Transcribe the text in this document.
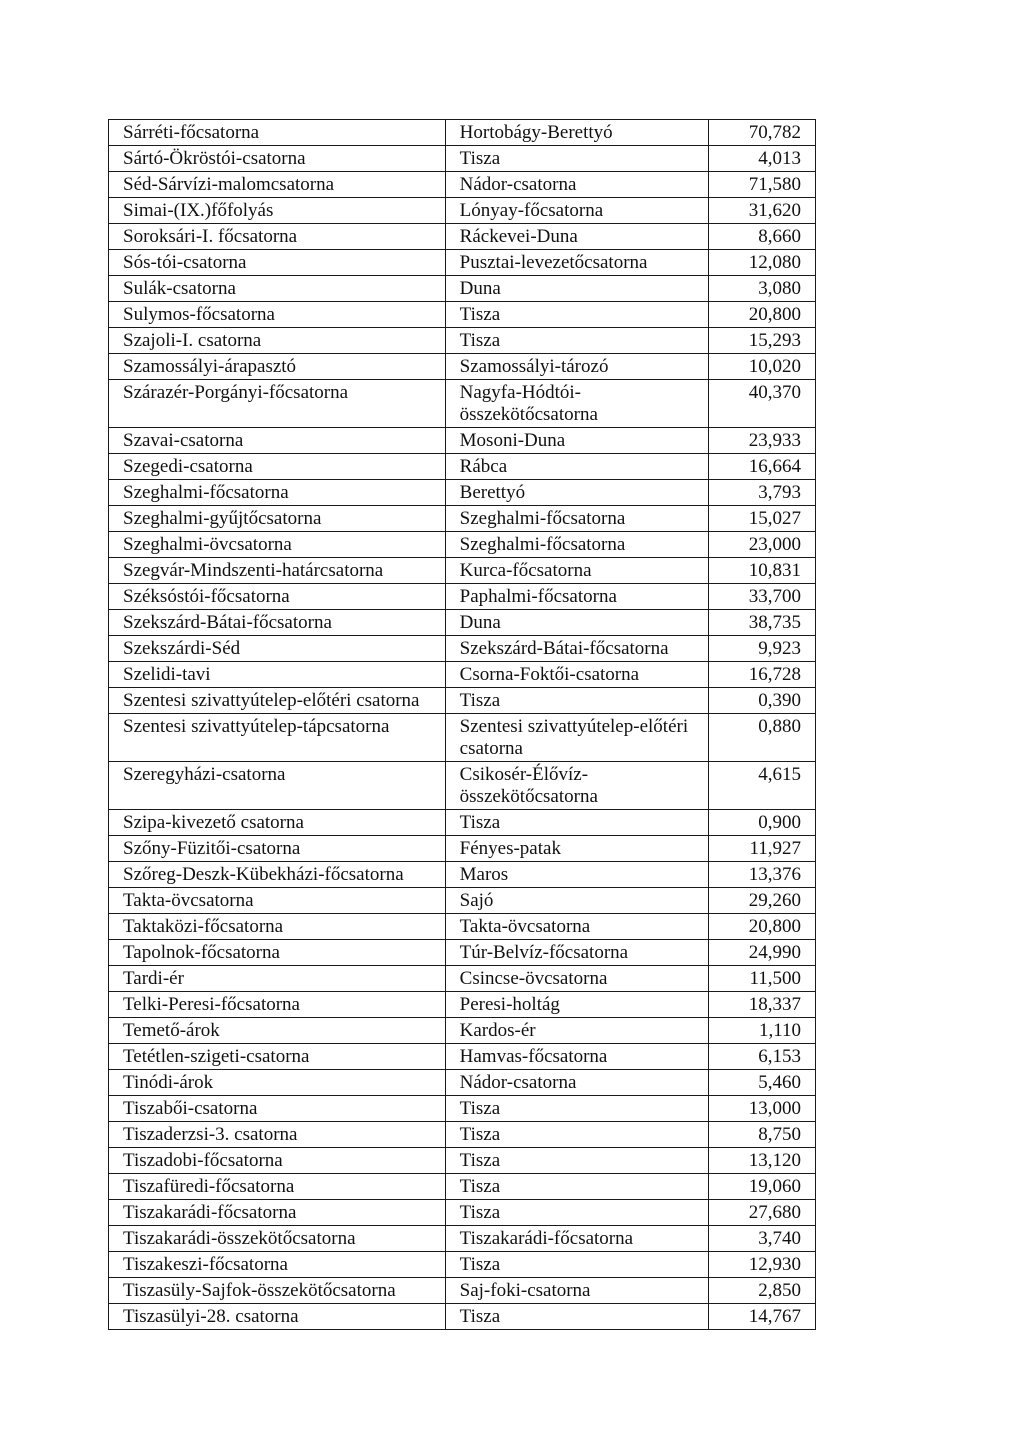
Sárréti-főcsatorna	Hortobágy-Berettyó	70,782
Sártó-Ökröstói-csatorna	Tisza	4,013
Séd-Sárvízi-malomcsatorna	Nádor-csatorna	71,580
Simai-(IX.)főfolyás	Lónyay-főcsatorna	31,620
Soroksári-I. főcsatorna	Ráckevei-Duna	8,660
Sós-tói-csatorna	Pusztai-levezetőcsatorna	12,080
Sulák-csatorna	Duna	3,080
Sulymos-főcsatorna	Tisza	20,800
Szajoli-I. csatorna	Tisza	15,293
Szamossályi-árapasztó	Szamossályi-tározó	10,020
Szárazér-Porgányi-főcsatorna	Nagyfa-Hódtói-összekötőcsatorna	40,370
Szavai-csatorna	Mosoni-Duna	23,933
Szegedi-csatorna	Rábca	16,664
Szeghalmi-főcsatorna	Berettyó	3,793
Szeghalmi-gyűjtőcsatorna	Szeghalmi-főcsatorna	15,027
Szeghalmi-övcsatorna	Szeghalmi-főcsatorna	23,000
Szegvár-Mindszenti-határcsatorna	Kurca-főcsatorna	10,831
Széksóstói-főcsatorna	Paphalmi-főcsatorna	33,700
Szekszárd-Bátai-főcsatorna	Duna	38,735
Szekszárdi-Séd	Szekszárd-Bátai-főcsatorna	9,923
Szelidi-tavi	Csorna-Foktői-csatorna	16,728
Szentesi szivattyútelep-előtéri csatorna	Tisza	0,390
Szentesi szivattyútelep-tápcsatorna	Szentesi szivattyútelep-előtéri csatorna	0,880
Szeregyházi-csatorna	Csikosér-Élővíz-összekötőcsatorna	4,615
Szipa-kivezető csatorna	Tisza	0,900
Szőny-Füzitői-csatorna	Fényes-patak	11,927
Szőreg-Deszk-Kübekházi-főcsatorna	Maros	13,376
Takta-övcsatorna	Sajó	29,260
Taktaközi-főcsatorna	Takta-övcsatorna	20,800
Tapolnok-főcsatorna	Túr-Belvíz-főcsatorna	24,990
Tardi-ér	Csincse-övcsatorna	11,500
Telki-Peresi-főcsatorna	Peresi-holtág	18,337
Temető-árok	Kardos-ér	1,110
Tetétlen-szigeti-csatorna	Hamvas-főcsatorna	6,153
Tinódi-árok	Nádor-csatorna	5,460
Tiszabői-csatorna	Tisza	13,000
Tiszaderzsi-3. csatorna	Tisza	8,750
Tiszadobi-főcsatorna	Tisza	13,120
Tiszafüredi-főcsatorna	Tisza	19,060
Tiszakarádi-főcsatorna	Tisza	27,680
Tiszakarádi-összekötőcsatorna	Tiszakarádi-főcsatorna	3,740
Tiszakeszi-főcsatorna	Tisza	12,930
Tiszasüly-Sajfok-összekötőcsatorna	Saj-foki-csatorna	2,850
Tiszasülyi-28. csatorna	Tisza	14,767
